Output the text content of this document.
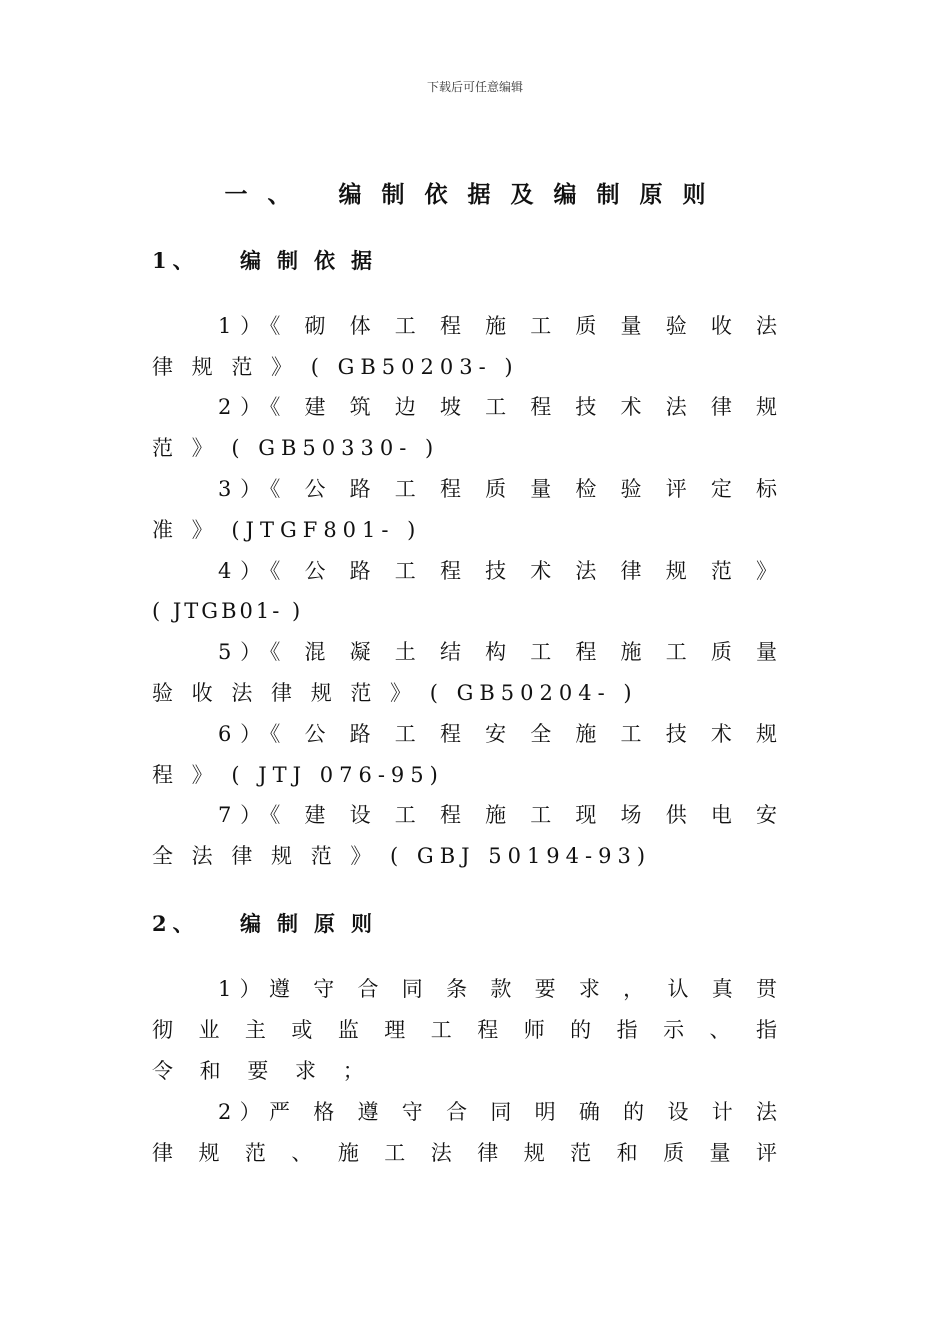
下载后可任意编辑
一、 编制依据及编制原则
1、 编制依据
1）《 砌 体 工 程 施 工 质 量 验 收 法
律 规 范 》 ( GB50203- )
2）《 建 筑 边 坡 工 程 技 术 法 律 规
范 》 ( GB50330- )
3）《 公 路 工 程 质 量 检 验 评 定 标
准 》 (JTGF801- )
4）《 公 路 工 程 技 术 法 律 规 范 》
( JTGB01- )
5）《 混 凝 土 结 构 工 程 施 工 质 量
验 收 法 律 规 范 》 ( GB50204- )
6）《 公 路 工 程 安 全 施 工 技 术 规
程 》 ( JTJ 076-95)
7）《 建 设 工 程 施 工 现 场 供 电 安
全 法 律 规 范 》 ( GBJ 50194-93)
2、 编制原则
1）遵 守 合 同 条 款 要 求 ， 认 真 贯
彻 业 主 或 监 理 工 程 师 的 指 示 、 指
令 和 要 求 ；
2）严 格 遵 守 合 同 明 确 的 设 计 法
律 规 范 、 施 工 法 律 规 范 和 质 量 评
